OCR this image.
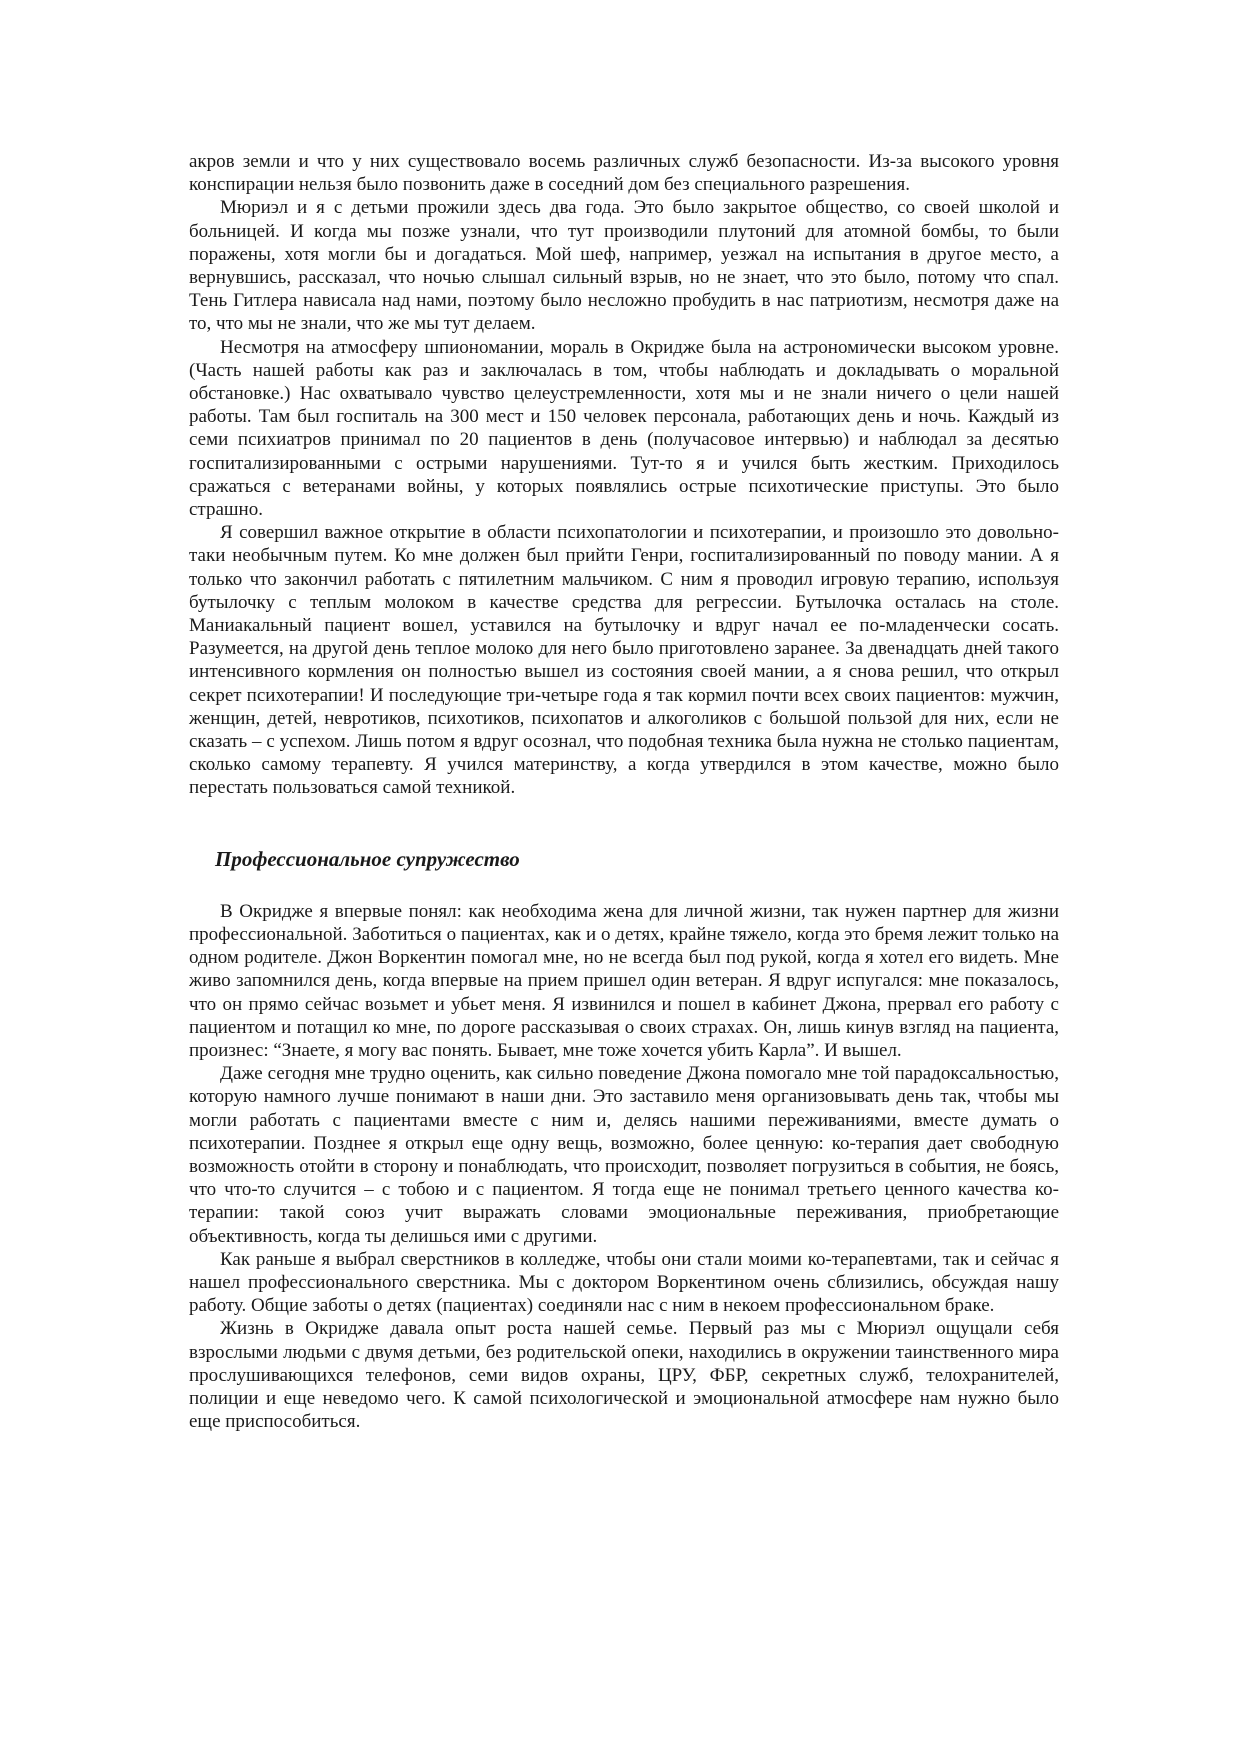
акров земли и что у них существовало восемь различных служб безопасности. Из-за высокого уровня конспирации нельзя было позвонить даже в соседний дом без специального разрешения.

Мюриэл и я с детьми прожили здесь два года. Это было закрытое общество, со своей школой и больницей. И когда мы позже узнали, что тут производили плутоний для атомной бомбы, то были поражены, хотя могли бы и догадаться. Мой шеф, например, уезжал на испытания в другое место, а вернувшись, рассказал, что ночью слышал сильный взрыв, но не знает, что это было, потому что спал. Тень Гитлера нависала над нами, поэтому было несложно пробудить в нас патриотизм, несмотря даже на то, что мы не знали, что же мы тут делаем.

Несмотря на атмосферу шпиономании, мораль в Окридже была на астрономически высоком уровне. (Часть нашей работы как раз и заключалась в том, чтобы наблюдать и докладывать о моральной обстановке.) Нас охватывало чувство целеустремленности, хотя мы и не знали ничего о цели нашей работы. Там был госпиталь на 300 мест и 150 человек персонала, работающих день и ночь. Каждый из семи психиатров принимал по 20 пациентов в день (получасовое интервью) и наблюдал за десятью госпитализированными с острыми нарушениями. Тут-то я и учился быть жестким. Приходилось сражаться с ветеранами войны, у которых появлялись острые психотические приступы. Это было страшно.

Я совершил важное открытие в области психопатологии и психотерапии, и произошло это довольно-таки необычным путем. Ко мне должен был прийти Генри, госпитализированный по поводу мании. А я только что закончил работать с пятилетним мальчиком. С ним я проводил игровую терапию, используя бутылочку с теплым молоком в качестве средства для регрессии. Бутылочка осталась на столе. Маниакальный пациент вошел, уставился на бутылочку и вдруг начал ее по-младенчески сосать. Разумеется, на другой день теплое молоко для него было приготовлено заранее. За двенадцать дней такого интенсивного кормления он полностью вышел из состояния своей мании, а я снова решил, что открыл секрет психотерапии! И последующие три-четыре года я так кормил почти всех своих пациентов: мужчин, женщин, детей, невротиков, психотиков, психопатов и алкоголиков с большой пользой для них, если не сказать – с успехом. Лишь потом я вдруг осознал, что подобная техника была нужна не столько пациентам, сколько самому терапевту. Я учился материнству, а когда утвердился в этом качестве, можно было перестать пользоваться самой техникой.

Профессиональное супружество

В Окридже я впервые понял: как необходима жена для личной жизни, так нужен партнер для жизни профессиональной. Заботиться о пациентах, как и о детях, крайне тяжело, когда это бремя лежит только на одном родителе. Джон Воркентин помогал мне, но не всегда был под рукой, когда я хотел его видеть. Мне живо запомнился день, когда впервые на прием пришел один ветеран. Я вдруг испугался: мне показалось, что он прямо сейчас возьмет и убьет меня. Я извинился и пошел в кабинет Джона, прервал его работу с пациентом и потащил ко мне, по дороге рассказывая о своих страхах. Он, лишь кинув взгляд на пациента, произнес: “Знаете, я могу вас понять. Бывает, мне тоже хочется убить Карла”. И вышел.

Даже сегодня мне трудно оценить, как сильно поведение Джона помогало мне той парадоксальностью, которую намного лучше понимают в наши дни. Это заставило меня организовывать день так, чтобы мы могли работать с пациентами вместе с ним и, делясь нашими переживаниями, вместе думать о психотерапии. Позднее я открыл еще одну вещь, возможно, более ценную: ко-терапия дает свободную возможность отойти в сторону и понаблюдать, что происходит, позволяет погрузиться в события, не боясь, что что-то случится – с тобою и с пациентом. Я тогда еще не понимал третьего ценного качества ко-терапии: такой союз учит выражать словами эмоциональные переживания, приобретающие объективность, когда ты делишься ими с другими.

Как раньше я выбрал сверстников в колледже, чтобы они стали моими ко-терапевтами, так и сейчас я нашел профессионального сверстника. Мы с доктором Воркентином очень сблизились, обсуждая нашу работу. Общие заботы о детях (пациентах) соединяли нас с ним в некоем профессиональном браке.

Жизнь в Окридже давала опыт роста нашей семье. Первый раз мы с Мюриэл ощущали себя взрослыми людьми с двумя детьми, без родительской опеки, находились в окружении таинственного мира прослушивающихся телефонов, семи видов охраны, ЦРУ, ФБР, секретных служб, телохранителей, полиции и еще неведомо чего. К самой психологической и эмоциональной атмосфере нам нужно было еще приспособиться.
